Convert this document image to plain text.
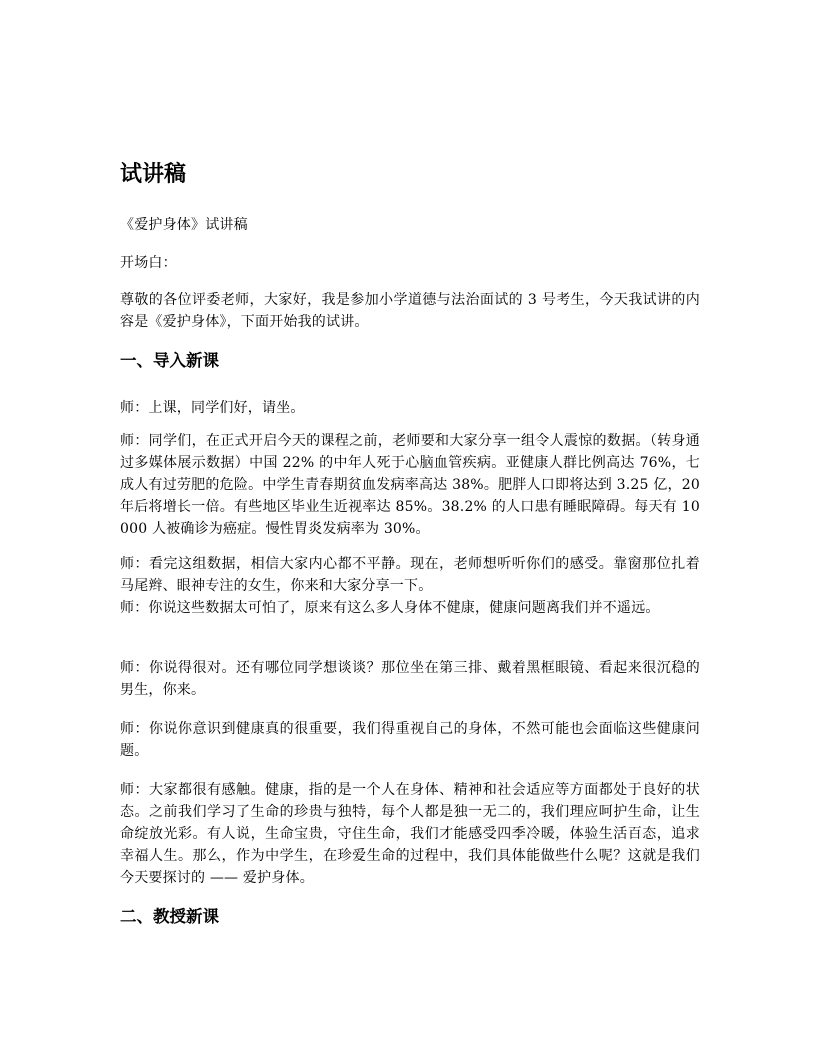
试讲稿

《爱护身体》试讲稿

开场白：

尊敬的各位评委老师，大家好，我是参加小学道德与法治面试的 3 号考生，今天我试讲的内容是《爱护身体》，下面开始我的试讲。

一、导入新课

师：上课，同学们好，请坐。

师：同学们，在正式开启今天的课程之前，老师要和大家分享一组令人震惊的数据。（转身通过多媒体展示数据）中国 22% 的中年人死于心脑血管疾病。亚健康人群比例高达 76%，七成人有过劳肥的危险。中学生青春期贫血发病率高达 38%。肥胖人口即将达到 3.25 亿，20 年后将增长一倍。有些地区毕业生近视率达 85%。38.2% 的人口患有睡眠障碍。每天有 10000 人被确诊为癌症。慢性胃炎发病率为 30%。

师：看完这组数据，相信大家内心都不平静。现在，老师想听听你们的感受。靠窗那位扎着马尾辫、眼神专注的女生，你来和大家分享一下。

师：你说这些数据太可怕了，原来有这么多人身体不健康，健康问题离我们并不遥远。

师：你说得很对。还有哪位同学想谈谈？那位坐在第三排、戴着黑框眼镜、看起来很沉稳的男生，你来。

师：你说你意识到健康真的很重要，我们得重视自己的身体，不然可能也会面临这些健康问题。

师：大家都很有感触。健康，指的是一个人在身体、精神和社会适应等方面都处于良好的状态。之前我们学习了生命的珍贵与独特，每个人都是独一无二的，我们理应呵护生命，让生命绽放光彩。有人说，生命宝贵，守住生命，我们才能感受四季冷暖，体验生活百态，追求幸福人生。那么，作为中学生，在珍爱生命的过程中，我们具体能做些什么呢？这就是我们今天要探讨的 —— 爱护身体。

二、教授新课
